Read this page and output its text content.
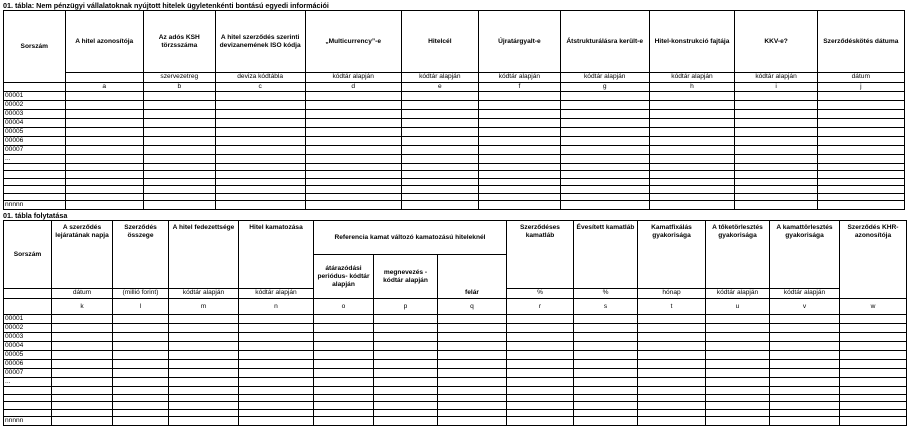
01. tábla: Nem pénzügyi vállalatoknak nyújtott hitelek ügyletenkénti bontású egyedi információi
Sorszám	A hitel azonosítója	Az adós KSH törzsszáma	A hitel szerződés szerinti devizanemének ISO kódja	„Multicurrency”-e	Hitelcél	Újratárgyalt-e	Átstrukturálásra került-e	Hitel-konstrukció fajtája	KKV-e?	Szerződéskötés dátuma
		szervezetreg	deviza kódtábla	kódtár alapján	kódtár alapján	kódtár alapján	kódtár alapján	kódtár alapján	kódtár alapján	dátum
	a	b	c	d	e	f	g	h	i	j
00001										
00002										
00003										
00004										
00005										
00006										
00007										
...										

nnnnn										
01. tábla folytatása
Sorszám	A szerződés lejáratának napja	Szerződés összege	A hitel fedezettsége	Hitel kamatozása	Referencia kamat változó kamatozású hiteleknél			Szerződéses kamatláb	Évesített kamatláb	Kamatfixálás gyakorisága	A tőketörlesztés gyakorisága	A kamattörlesztés gyakorisága	Szerződés KHR-azonosítója
					átárazódási periódus- kódtár alapján	megnevezés - kódtár alapján	felár						
	dátum	(millió forint)	kódtár alapján	kódtár alapján				%	%	hónap	kódtár alapján	kódtár alapján	
	k	l	m	n	o	p	q	r	s	t	u	v	w
00001													
00002													
00003													
00004													
00005													
00006													
00007													
...													

nnnnn													
